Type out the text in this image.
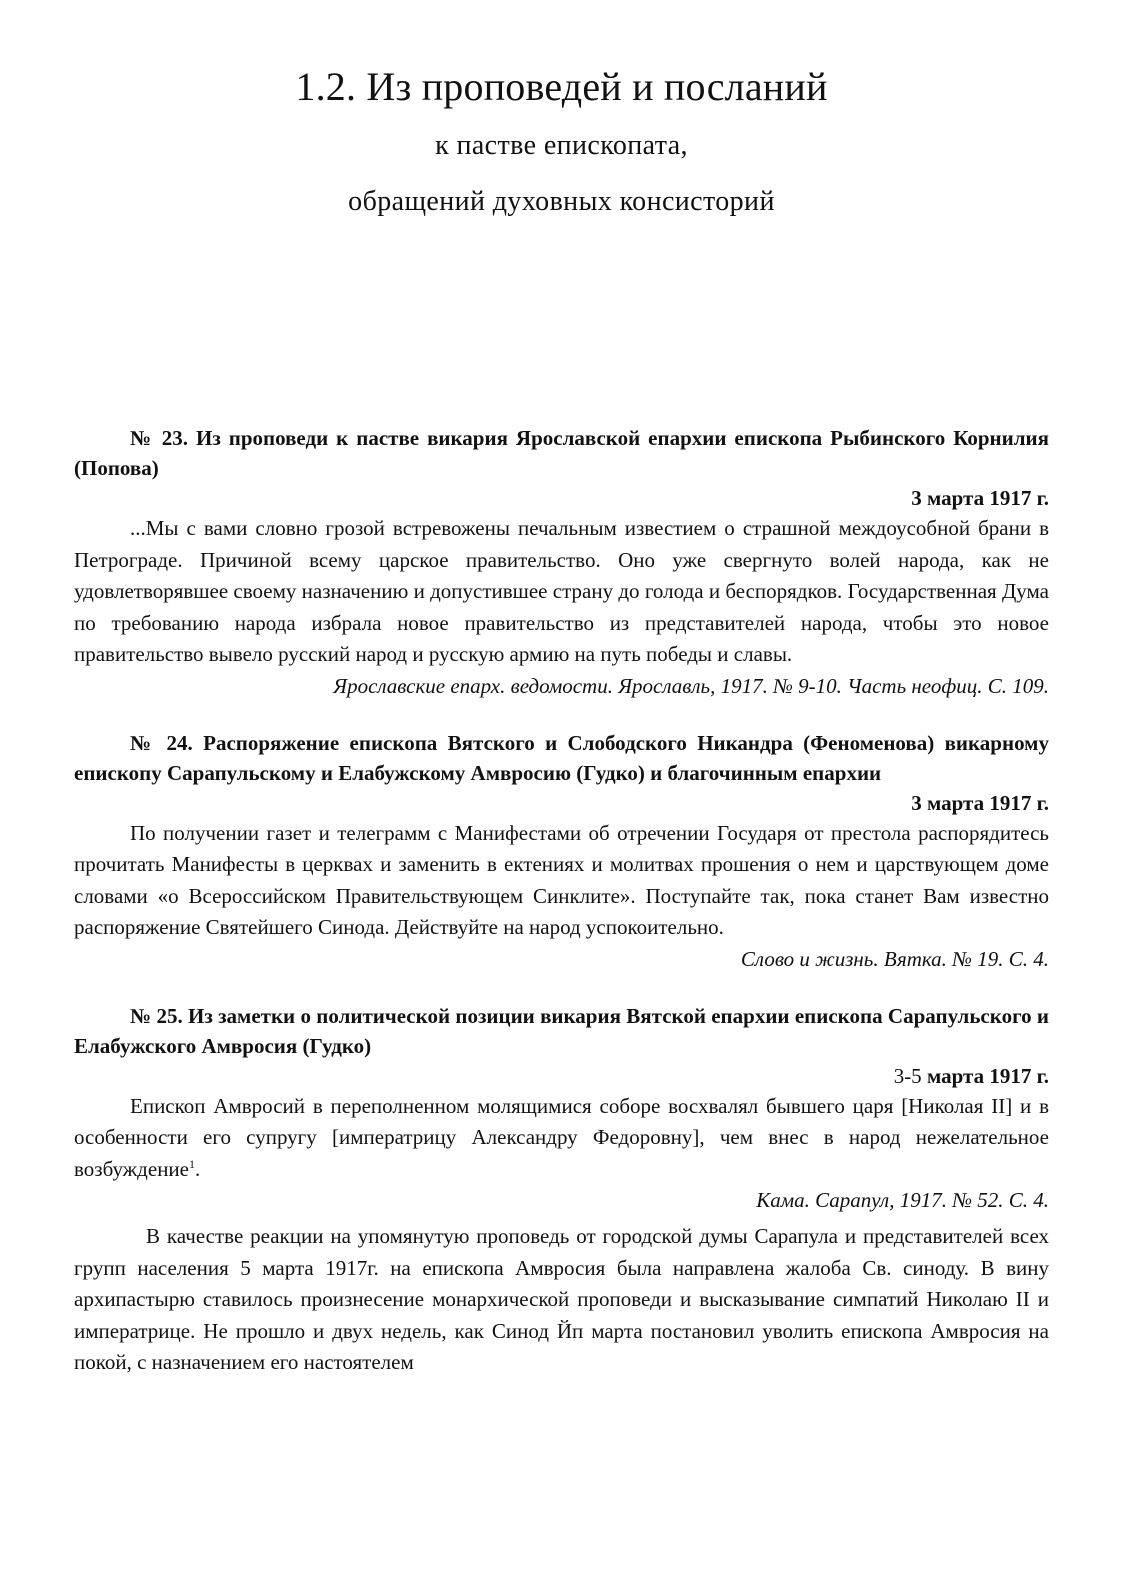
1.2. Из проповедей и посланий
к пастве епископата,
обращений духовных консисторий

№ 23. Из проповеди к пастве викария Ярославской епархии епископа Рыбинского Корнилия (Попова)

3 марта 1917 г.

...Мы с вами словно грозой встревожены печальным известием о страшной междоусобной брани в Петрограде. Причиной всему царское правительство. Оно уже свергнуто волей народа, как не удовлетворявшее своему назначению и допустившее страну до голода и беспорядков. Государственная Дума по требованию народа избрала новое правительство из представителей народа, чтобы это новое правительство вывело русский народ и русскую армию на путь победы и славы.

Ярославские епарх. ведомости. Ярославль, 1917. № 9-10. Часть неофиц. С. 109.

№ 24. Распоряжение епископа Вятского и Слободского Никандра (Феноменова) викарному епископу Сарапульскому и Елабужскому Амвросию (Гудко) и благочинным епархии

3 марта 1917 г.

По получении газет и телеграмм с Манифестами об отречении Государя от престола распорядитесь прочитать Манифесты в церквах и заменить в ектениях и молитвах прошения о нем и царствующем доме словами «о Всероссийском Правительствующем Синклите». Поступайте так, пока станет Вам известно распоряжение Святейшего Синода. Действуйте на народ успокоительно.

Слово и жизнь. Вятка. № 19. С. 4.

№ 25. Из заметки о политической позиции викария Вятской епархии епископа Сарапульского и Елабужского Амвросия (Гудко)

3-5 марта 1917 г.

Епископ Амвросий в переполненном молящимися соборе восхвалял бывшего царя [Николая II] и в особенности его супругу [императрицу Александру Федоровну], чем внес в народ нежелательное возбуждение$^1$.

Кама. Сарапул, 1917. № 52. С. 4.

В качестве реакции на упомянутую проповедь от городской думы Сарапула и представителей всех групп населения 5 марта 1917г. на епископа Амвросия была направлена жалоба Св. синоду. В вину архипастырю ставилось произнесение монархической проповеди и высказывание симпатий Николаю II и императрице. Не прошло и двух недель, как Синод Йп марта постановил уволить епископа Амвросия на покой, с назначением его настоятелем
